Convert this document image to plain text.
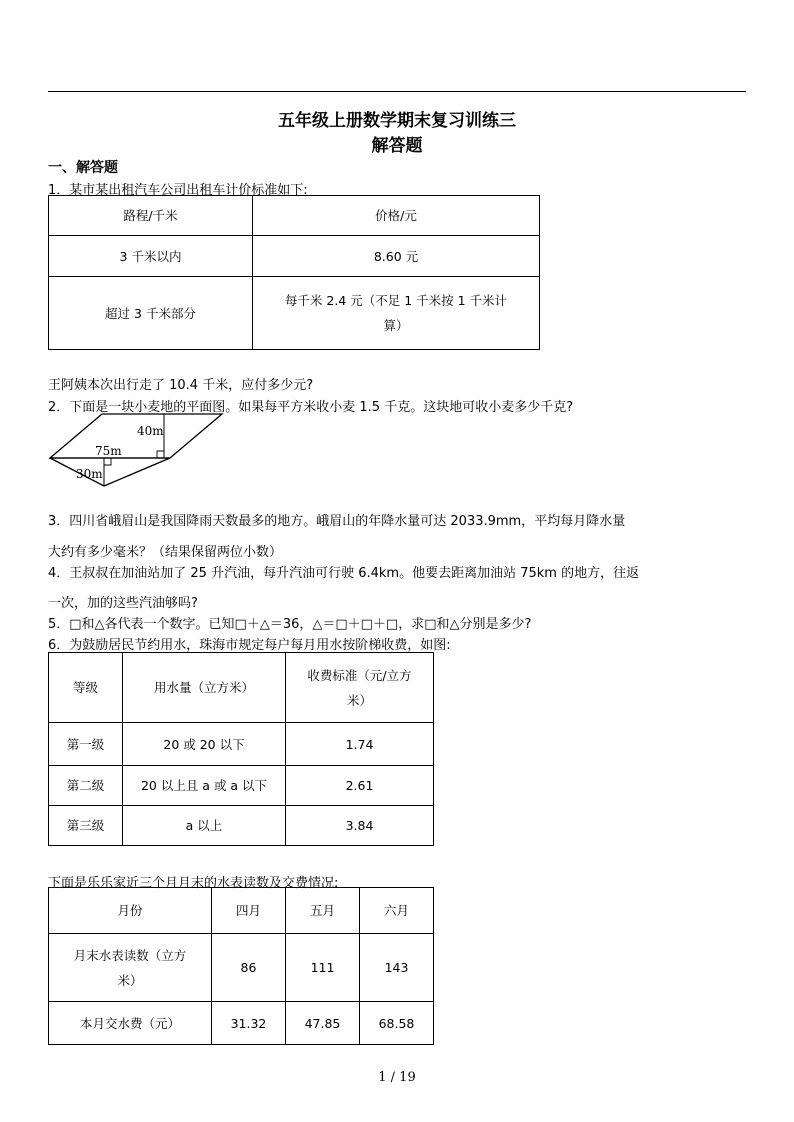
五年级上册数学期末复习训练三
解答题
一、解答题
1．某市某出租汽车公司出租车计价标准如下:
路程/千米	价格/元
3 千米以内	8.60 元
超过 3 千米部分	每千米 2.4 元（不足 1 千米按 1 千米计
算）
王阿姨本次出行走了 10.4 千米，应付多少元?
2．下面是一块小麦地的平面图。如果每平方米收小麦 1.5 千克。这块地可收小麦多少千克?
40m
75m
30m
3．四川省峨眉山是我国降雨天数最多的地方。峨眉山的年降水量可达 2033.9mm，平均每月降水量
大约有多少毫米？（结果保留两位小数）
4．王叔叔在加油站加了 25 升汽油，每升汽油可行驶 6.4km。他要去距离加油站 75km 的地方，往返
一次，加的这些汽油够吗?
5．□和△各代表一个数字。已知□＋△＝36，△＝□＋□＋□，求□和△分别是多少?
6．为鼓励居民节约用水，珠海市规定每户每月用水按阶梯收费，如图:
等级	用水量（立方米）	收费标准（元/立方
米）

第一级	20 或 20 以下	1.74
第二级	20 以上且 a 或 a 以下	2.61
第三级	a 以上	3.84
下面是乐乐家近三个月月末的水表读数及交费情况:
月份	四月	五月	六月

月末水表读数（立方
米）	86	111	143
本月交水费（元）	31.32	47.85	68.58
1 / 19
